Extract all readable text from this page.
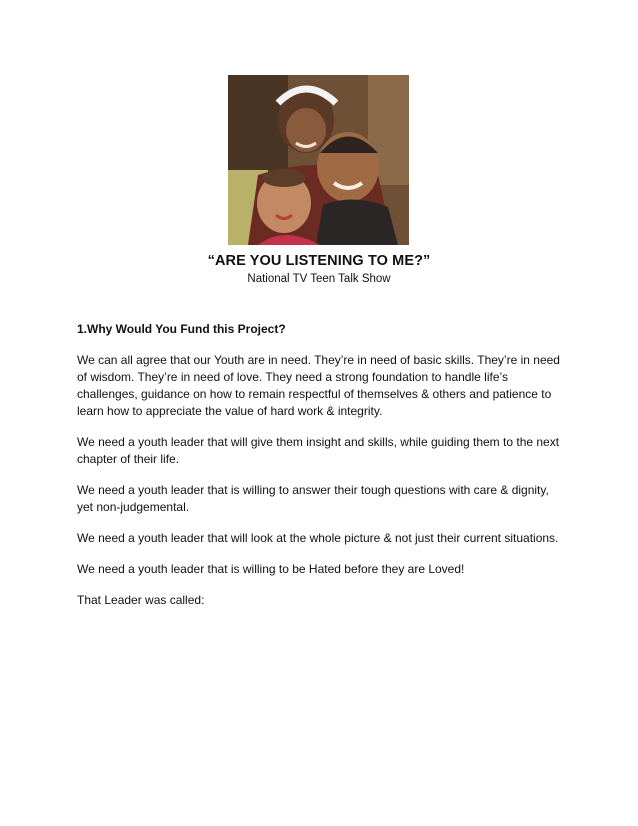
“ARE YOU LISTENING TO ME?”
National TV Teen Talk Show
1.Why Would You Fund this Project?

We can all agree that our Youth are in need. They’re in need of basic skills. They’re in need of wisdom. They’re in need of love. They need a strong foundation to handle life’s challenges, guidance on how to remain respectful of themselves & others and patience to learn how to appreciate the value of hard work & integrity.

We need a youth leader that will give them insight and skills, while guiding them to the next chapter of their life.

We need a youth leader that is willing to answer their tough questions with care & dignity, yet non-judgemental.

We need a youth leader that will look at the whole picture & not just their current situations.

We need a youth leader that is willing to be Hated before they are Loved!

That Leader was called:
